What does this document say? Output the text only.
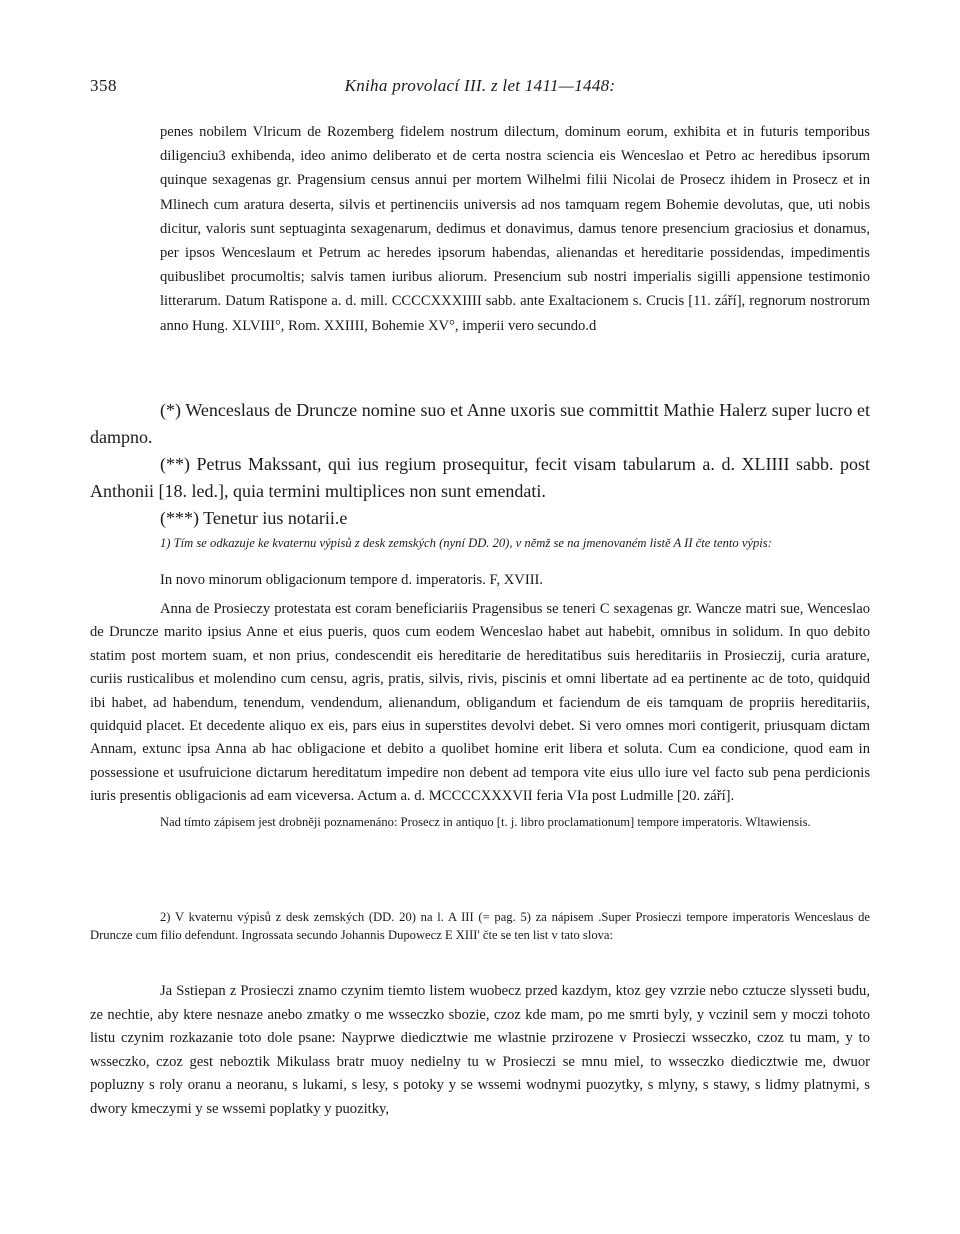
358	Kniha provolací III. z let 1411—1448:
penes nobilem Vlricum de Rozemberg fidelem nostrum dilectum, dominum eorum, exhibita et in futuris temporibus diligenciu3 exhibenda, ideo animo deliberato et de certa nostra sciencia eis Wenceslao et Petro ac heredibus ipsorum quinque sexagenas gr. Pragensium census annui per mortem Wilhelmi filii Nicolai de Prosecz ihidem in Prosecz et in Mlinech cum aratura deserta, silvis et pertinenciis universis ad nos tamquam regem Bohemie devolutas, que, uti nobis dicitur, valoris sunt septuaginta sexagenarum, dedimus et donavimus, damus tenore presencium graciosius et donamus, per ipsos Wenceslaum et Petrum ac heredes ipsorum habendas, alienandas et hereditarie possidendas, impedimentis quibuslibet procumoltis; salvis tamen iuribus aliorum. Presencium sub nostri imperialis sigilli appensione testimonio litterarum. Datum Ratispone a. d. mill. CCCCXXXIIII sabb. ante Exaltacionem s. Crucis [11. září], regnorum nostrorum anno Hung. XLVIII°, Rom. XXIIII, Bohemie XV°, imperii vero secundo.d

(*) Wenceslaus de Druncze nomine suo et Anne uxoris sue committit Mathie Halerz super lucro et dampno.

(**) Petrus Makssant, qui ius regium prosequitur, fecit visam tabularum a. d. XLIIII sabb. post Anthonii [18. led.], quia termini multiplices non sunt emendati.

(***) Tenetur ius notarii.e

1) Tím se odkazuje ke kvaternu výpisů z desk zemských (nyní DD. 20), v němž se na jmenovaném listě A II čte tento výpis:

In novo minorum obligacionum tempore d. imperatoris. F, XVIII.

Anna de Prosieczy protestata est coram beneficiariis Pragensibus se teneri C sexagenas gr. Wancze matri sue, Wenceslao de Druncze marito ipsius Anne et eius pueris, quos cum eodem Wenceslao habet aut habebit, omnibus in solidum. In quo debito statim post mortem suam, et non prius, condescendit eis hereditarie de hereditatibus suis hereditariis in Prosieczij, curia arature, curiis rusticalibus et molendino cum censu, agris, pratis, silvis, rivis, piscinis et omni libertate ad ea pertinente ac de toto, quidquid ibi habet, ad habendum, tenendum, vendendum, alienandum, obligandum et faciendum de eis tamquam de propriis hereditariis, quidquid placet. Et decedente aliquo ex eis, pars eius in superstites devolvi debet. Si vero omnes mori contigerit, priusquam dictam Annam, extunc ipsa Anna ab hac obligacione et debito a quolibet homine erit libera et soluta. Cum ea condicione, quod eam in possessione et usufruicione dictarum hereditatum impedire non debent ad tempora vite eius ullo iure vel facto sub pena perdicionis iuris presentis obligacionis ad eam viceversa. Actum a. d. MCCCCXXXVII feria VIa post Ludmille [20. září].

Nad tímto zápisem jest drobněji poznamenáno: Prosecz in antiquo [t. j. libro proclamationum] tempore imperatoris. Wltawiensis.

2) V kvaternu výpisů z desk zemských (DD. 20) na l. A III (= pag. 5) za nápisem .Super Prosieczi tempore imperatoris Wenceslaus de Druncze cum filio defendunt. Ingrossata secundo Johannis Dupowecz E XIII' čte se ten list v tato slova:

Ja Sstiepan z Prosieczi znamo czynim tiemto listem wuobecz przed kazdym, ktoz gey vzrzie nebo cztucze slysseti budu, ze nechtie, aby ktere nesnaze anebo zmatky o me wsseczko sbozie, czoz kde mam, po me smrti byly, y vczinil sem y moczi tohoto listu czynim rozkazanie toto dole psane: Nayprwe diedicztwie me wlastnie przirozene v Prosieczi wsseczko, czoz tu mam, y to wsseczko, czoz gest neboztik Mikulass bratr muoy nedielny tu w Prosieczi se mnu miel, to wsseczko diedicztwie me, dwuor popluzny s roly oranu a neoranu, s lukami, s lesy, s potoky y se wssemi wodnymi puozytky, s mlyny, s stawy, s lidmy platnymi, s dwory kmeczymi y se wssemi poplatky y puozitky,
